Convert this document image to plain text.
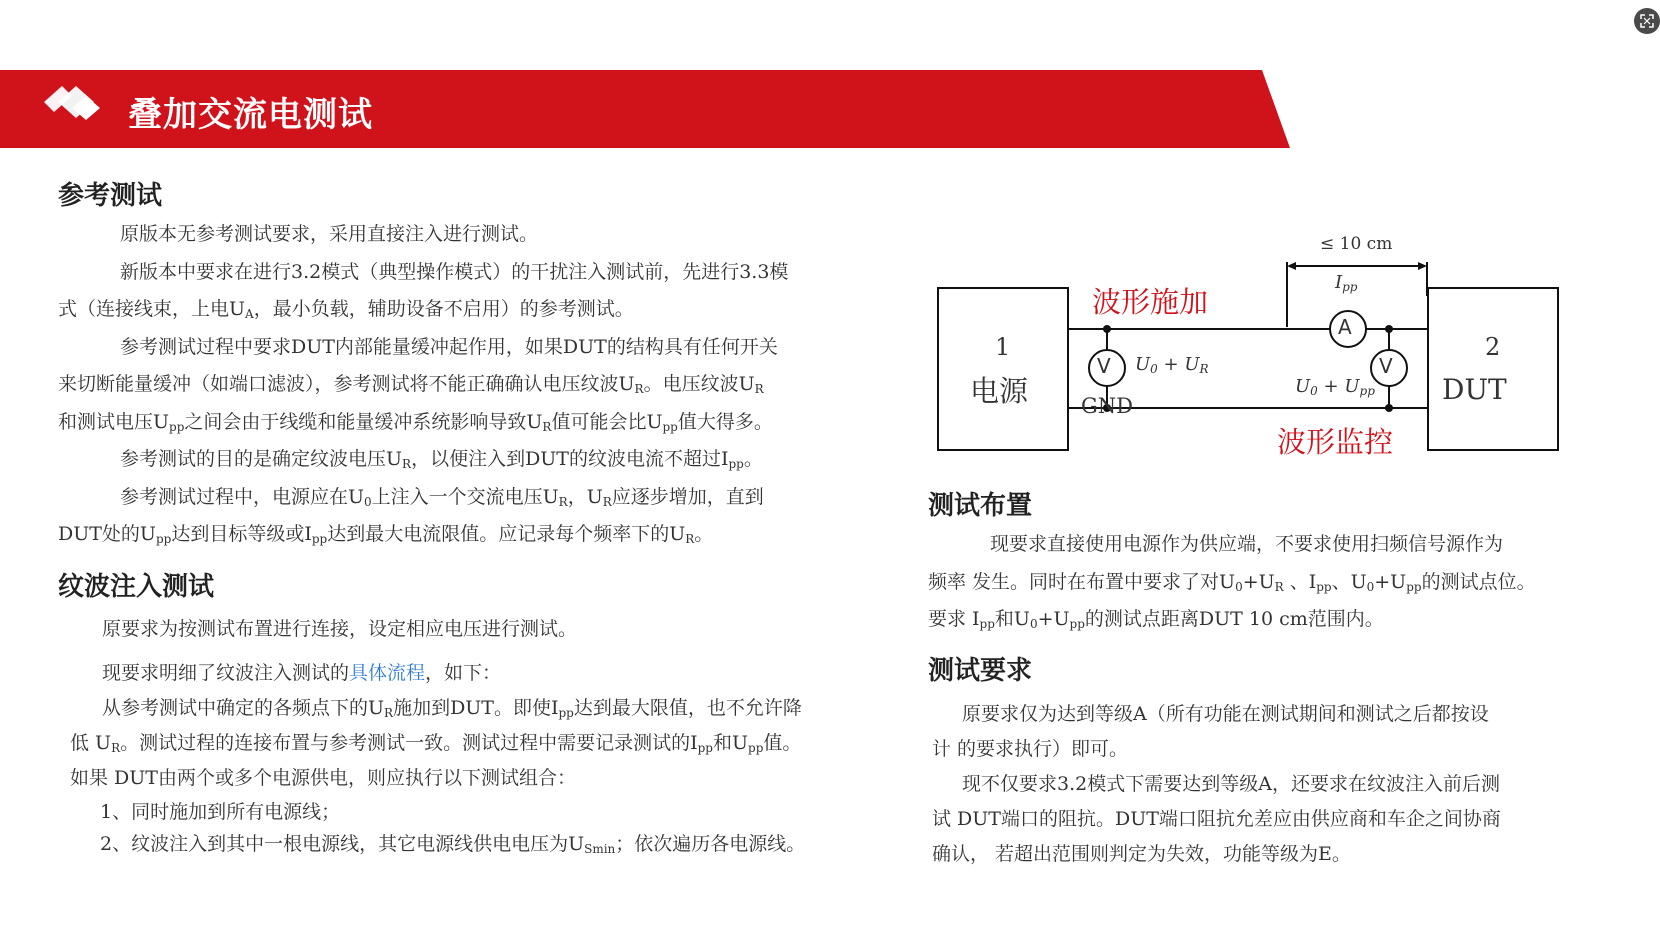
叠加交流电测试
参考测试
原版本无参考测试要求，采用直接注入进行测试。
新版本中要求在进行3.2模式（典型操作模式）的干扰注入测试前，先进行3.3模
式（连接线束，上电$U_A$，最小负载，辅助设备不启用）的参考测试。
参考测试过程中要求DUT内部能量缓冲起作用，如果DUT的结构具有任何开关
来切断能量缓冲（如端口滤波），参考测试将不能正确确认电压纹波$U_R$。电压纹波$U_R$
和测试电压$U_{pp}$之间会由于线缆和能量缓冲系统影响导致$U_R$值可能会比$U_{pp}$值大得多。
参考测试的目的是确定纹波电压$U_R$，以便注入到DUT的纹波电流不超过$I_{pp}$。
参考测试过程中，电源应在$U_0$上注入一个交流电压$U_R$，$U_R$应逐步增加，直到
DUT处的$U_{pp}$达到目标等级或$I_{pp}$达到最大电流限值。应记录每个频率下的$U_R$。
纹波注入测试
原要求为按测试布置进行连接，设定相应电压进行测试。
现要求明细了纹波注入测试的具体流程，如下：
从参考测试中确定的各频点下的$U_R$施加到DUT。即使$I_{pp}$达到最大限值，也不允许降
低 $U_R$。测试过程的连接布置与参考测试一致。测试过程中需要记录测试的$I_{pp}$和$U_{pp}$值。
如果 DUT由两个或多个电源供电，则应执行以下测试组合：
1、同时施加到所有电源线；
2、纹波注入到其中一根电源线，其它电源线供电电压为$U_{Smin}$；依次遍历各电源线。
≤ 10 cm
波形施加
波形监控
$I_{pp}$
V	V
A
$U_0 + U_R$
$U_0 + U_{pp}$
1
电源
2
DUT
GND
测试布置
现要求直接使用电源作为供应端，不要求使用扫频信号源作为
频率 发生。同时在布置中要求了对$U_0+U_R$ 、$I_{pp}$、$U_0+U_{pp}$的测试点位。
要求 $I_{pp}$和$U_0+U_{pp}$的测试点距离DUT 10 cm范围内。
测试要求
原要求仅为达到等级A（所有功能在测试期间和测试之后都按设
计 的要求执行）即可。
现不仅要求3.2模式下需要达到等级A，还要求在纹波注入前后测
试 DUT端口的阻抗。DUT端口阻抗允差应由供应商和车企之间协商
确认， 若超出范围则判定为失效，功能等级为E。
